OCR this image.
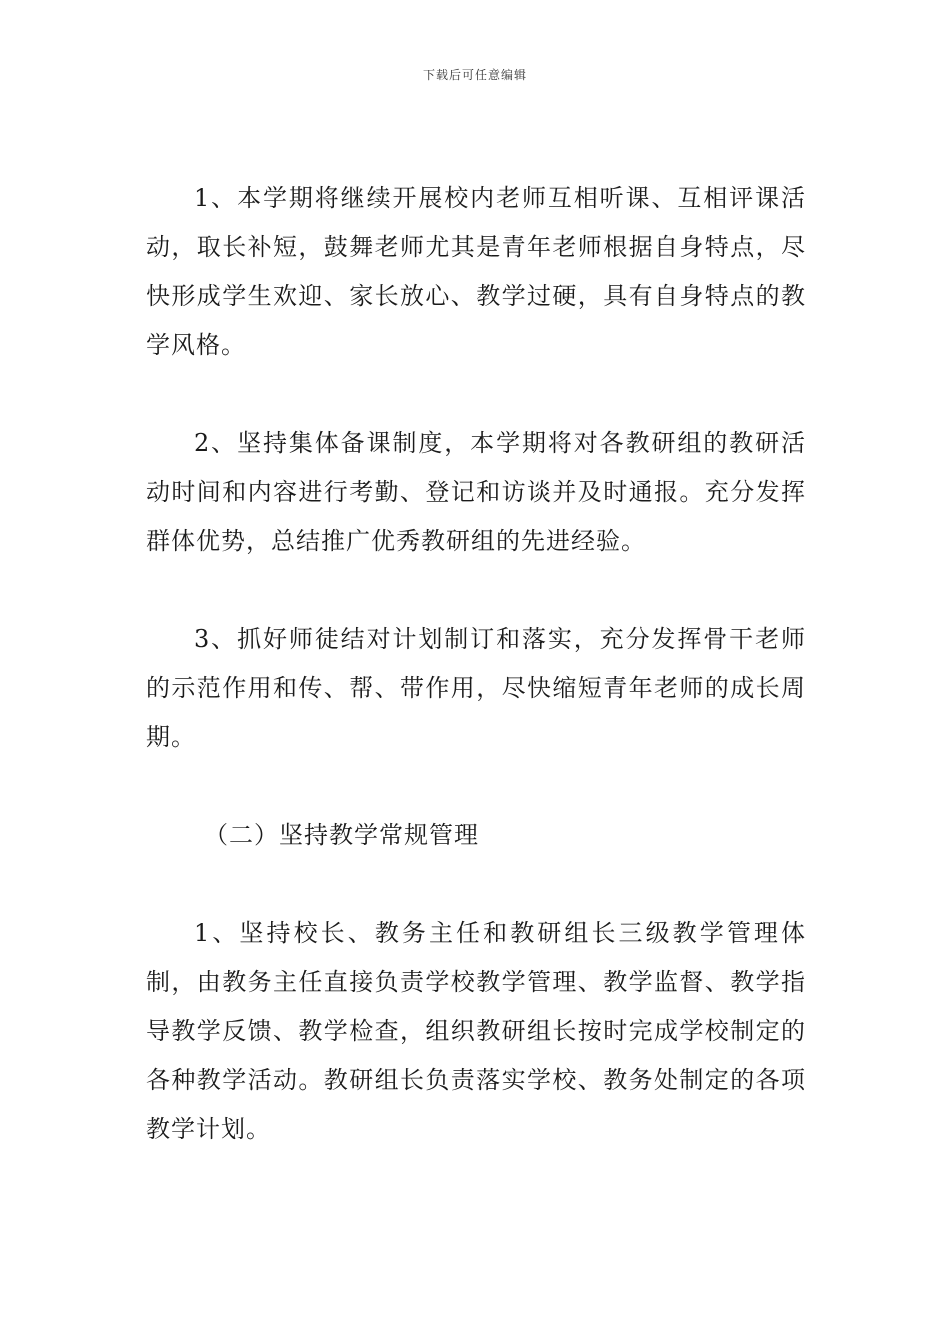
下载后可任意编辑

1、本学期将继续开展校内老师互相听课、互相评课活动，取长补短，鼓舞老师尤其是青年老师根据自身特点，尽快形成学生欢迎、家长放心、教学过硬，具有自身特点的教学风格。

2、坚持集体备课制度，本学期将对各教研组的教研活动时间和内容进行考勤、登记和访谈并及时通报。充分发挥群体优势，总结推广优秀教研组的先进经验。

3、抓好师徒结对计划制订和落实，充分发挥骨干老师的示范作用和传、帮、带作用，尽快缩短青年老师的成长周期。

（二）坚持教学常规管理

1、坚持校长、教务主任和教研组长三级教学管理体制，由教务主任直接负责学校教学管理、教学监督、教学指导教学反馈、教学检查，组织教研组长按时完成学校制定的各种教学活动。教研组长负责落实学校、教务处制定的各项教学计划。
